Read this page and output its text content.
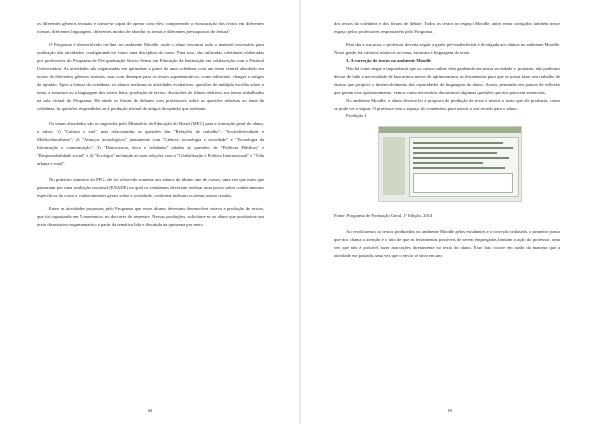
os diferentes gêneros textuais e tornar-se capaz de operar com eles; compreender a estruturação dos textos em diferentes formas, diferentes linguagens, diferentes modos de abordar os temas e diferentes pressupostos de leitura".

O Programa é desenvolvido on-line, no ambiente Moodle, onde o aluno encontra todo o material necessário para realização das atividades, configurando-se como uma disciplina do curso. Para isso, são utilizadas coletâneas elaboradas por professores do Programa de Pós-graduação Stricto Sensu em Educação da Instituição em colaboração com a Pastoral Universitária. As atividades são organizadas em quinzenas a partir de uma coletânea com um tema central abordado em textos de diferentes gêneros textuais, mas com destaque para os textos argumentativos, como editoriais, charges e artigos de opinião. Após a leitura da coletânea, os alunos realizam as atividades avaliativas: questões de múltipla escolha sobre o tema, a estrutura ou a linguagem dos textos lidos; produção de textos; discussões de filmes relativos aos temas trabalhados na sala virtual do Programa. Há ainda os fóruns de debates com professores sobre as questões relativas ao tema da coletânea, às questões respondidas ou à produção textual de artigos de opinião que realizam.

Os temas abordados são os sugeridos pelo Ministério da Educação do Brasil (MEC) para a formação geral do aluno, a saber: 1) "Cultura e arte" mas relacionadas as questões das "Relações de trabalho"; "Sociodiversidade e Multiculturalismo"; 2) "Avanços tecnológicos" juntamente com "Ciência, tecnologia e sociedade" e "Tecnologia da Informação e comunicação"; 3) "Democracia, ética e cidadania" aliadas às questões de "Políticas Públicas" e "Responsabilidade social" e 4) "Ecologia" incluindo as suas relações com a "Globalização e Política Internacional" e "Vida urbana e rural".

No primeiro semestre do PFG, ele foi oferecido somente aos alunos do último ano de cursos, uma vez que estes que passariam por uma avaliação nacional (ENADE) na qual os estudantes deveriam realizar uma prova sobre conhecimentos específicos do curso e conhecimentos gerais sobre a sociedade, conforme indicam os temas acima citados.

Entre as atividades propostas pelo Programa que esses alunos deveriam desenvolver estava a produção de textos, que foi organizada em 5 momentos, no decorrer do semestre. Nessas produções, solicitava-se ao aluno que produzisse um texto dissertativo-argumentativo a partir da temática lida e discutida na quinzena por meio

68

dos textos da coletânea e dos fóruns de debate. Todos os textos no espaço Moodle, antes eram corrigidos também nesse espaço pelos professores responsáveis pelo Programa.

Para dar a sua nota, o professor deveria seguir a grade pré-estabelecida e divulgada aos alunos no ambiente Moodle. Nesta grade, há critérios relativos ao tema, estrutura e linguagem do texto.

3. A correção de textos no ambiente Moodle

Não há como negar a importância que os cursos online vêm ganhando em nossa sociedade e, portanto, não podemos deixar de lado a necessidade de buscarmos meios de aprimorarmos as ferramentas para que se possa fazer um trabalho de ensino que propicie o desenvolvimento das capacidades de linguagem do aluno. Assim, pensando em pontos de reflexão que geram esse aprimoramento, vemos como necessário discutirmos algumas questões que nos parecem essenciais.

No ambiente Moodle, o aluno deveria ler a proposta de produção de texto e inserir o texto que ele produziu, como se pode ver a seguir. O professor tem o espaço do comentário para inserir o seu recado para o aluno:

Produção 1

Fonte: Programa de Formação Geral, 1ª Edição, 2014

Ao verificarmos os textos produzidos no ambiente Moodle pelos estudantes e a correção realizada, o primeiro ponto que nos chama a atenção é o fato de que as ferramentas possíveis de serem empregadas limitam a ação do professor, uma vez que não é possível fazer marcações diretamente no texto do aluno. Esse fato ocorre em razão da maneira que a atividade era postada, uma vez que o envio se dava em um

69
